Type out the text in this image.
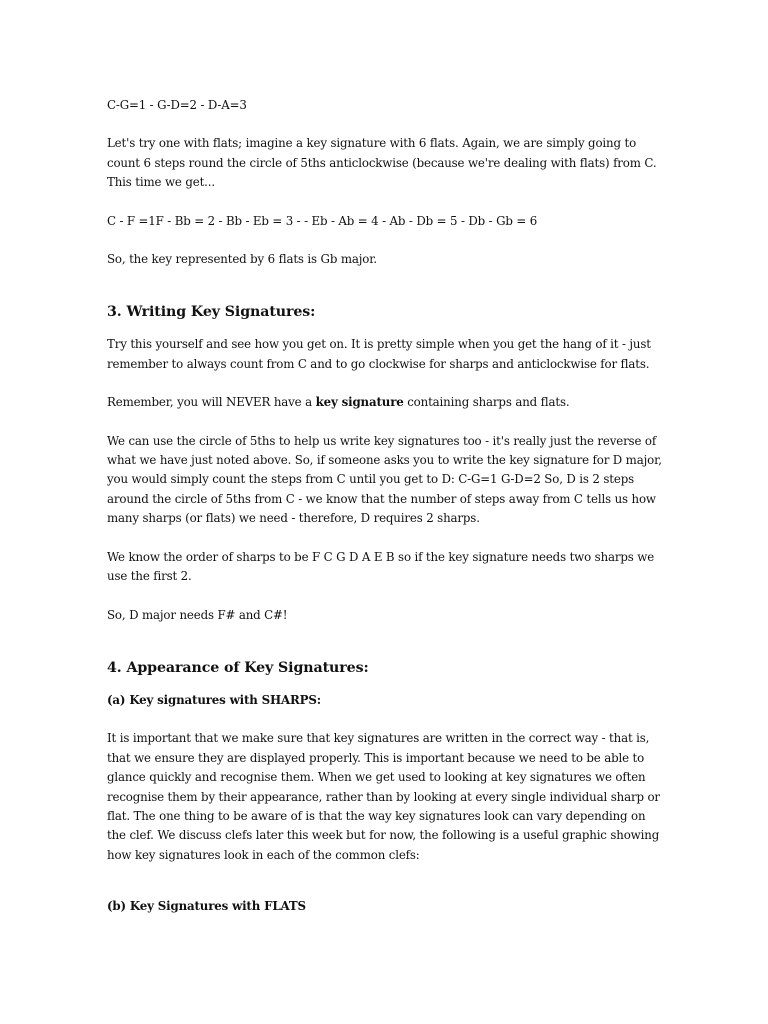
C-G=1 - G-D=2 - D-A=3

Let's try one with flats; imagine a key signature with 6 flats. Again, we are simply going to count 6 steps round the circle of 5ths anticlockwise (because we're dealing with flats) from C. This time we get...

C - F =1F - Bb = 2 - Bb - Eb = 3 - - Eb - Ab = 4 - Ab - Db = 5 - Db - Gb = 6

So, the key represented by 6 flats is Gb major.

3. Writing Key Signatures:

Try this yourself and see how you get on. It is pretty simple when you get the hang of it - just remember to always count from C and to go clockwise for sharps and anticlockwise for flats.

Remember, you will NEVER have a key signature containing sharps and flats.

We can use the circle of 5ths to help us write key signatures too - it's really just the reverse of what we have just noted above. So, if someone asks you to write the key signature for D major, you would simply count the steps from C until you get to D: C-G=1 G-D=2 So, D is 2 steps around the circle of 5ths from C - we know that the number of steps away from C tells us how many sharps (or flats) we need - therefore, D requires 2 sharps.

We know the order of sharps to be F C G D A E B so if the key signature needs two sharps we use the first 2.

So, D major needs F# and C#!

4. Appearance of Key Signatures:

(a) Key signatures with SHARPS:

It is important that we make sure that key signatures are written in the correct way - that is, that we ensure they are displayed properly. This is important because we need to be able to glance quickly and recognise them. When we get used to looking at key signatures we often recognise them by their appearance, rather than by looking at every single individual sharp or flat. The one thing to be aware of is that the way key signatures look can vary depending on the clef. We discuss clefs later this week but for now, the following is a useful graphic showing how key signatures look in each of the common clefs:

(b) Key Signatures with FLATS
